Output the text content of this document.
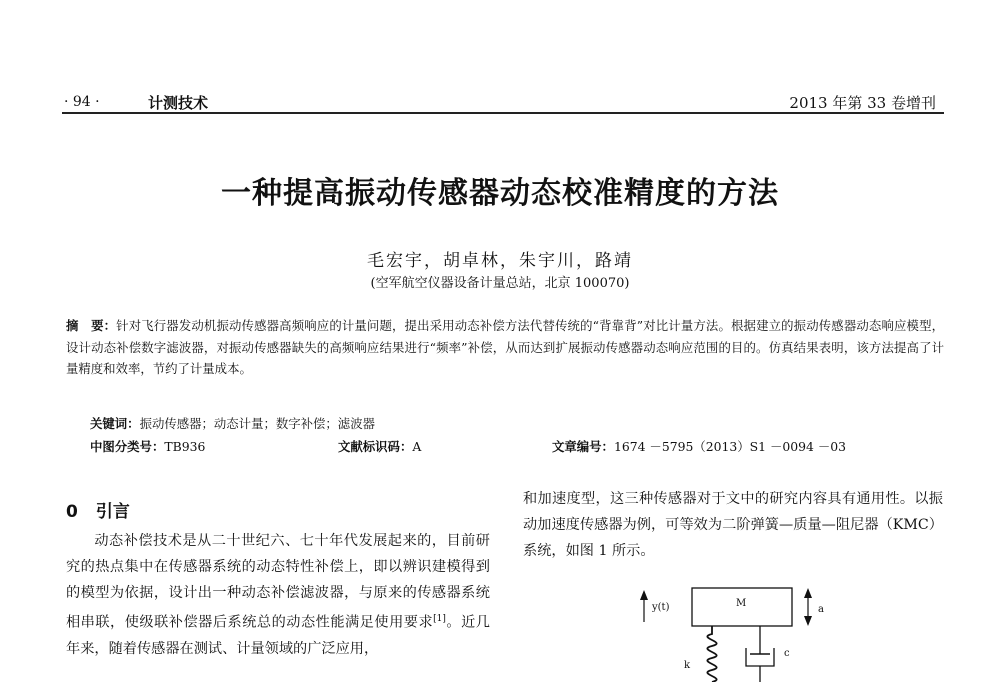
· 94 ·	计测技术	2013 年第 33 卷增刊
一种提高振动传感器动态校准精度的方法
毛宏宇，胡卓林，朱宇川，路靖
(空军航空仪器设备计量总站，北京 100070)
摘　要：针对飞行器发动机振动传感器高频响应的计量问题，提出采用动态补偿方法代替传统的“背靠背”对比计量方法。根据建立的振动传感器动态响应模型，设计动态补偿数字滤波器，对振动传感器缺失的高频响应结果进行“频率”补偿，从而达到扩展振动传感器动态响应范围的目的。仿真结果表明，该方法提高了计量精度和效率，节约了计量成本。
关键词：振动传感器；动态计量；数字补偿；滤波器
中图分类号：TB936	文献标识码：A	文章编号：1674 －5795（2013）S1 －0094 －03
0 引言

动态补偿技术是从二十世纪六、七十年代发展起来的，目前研究的热点集中在传感器系统的动态特性补偿上，即以辨识建模得到的模型为依据，设计出一种动态补偿滤波器，与原来的传感器系统相串联，使级联补偿器后系统总的动态性能满足使用要求[1]。近几年来，随着传感器在测试、计量领域的广泛应用，

和加速度型，这三种传感器对于文中的研究内容具有通用性。以振动加速度传感器为例，可等效为二阶弹簧—质量—阻尼器（KMC）系统，如图 1 所示。

y(t)	M
a
k
c
